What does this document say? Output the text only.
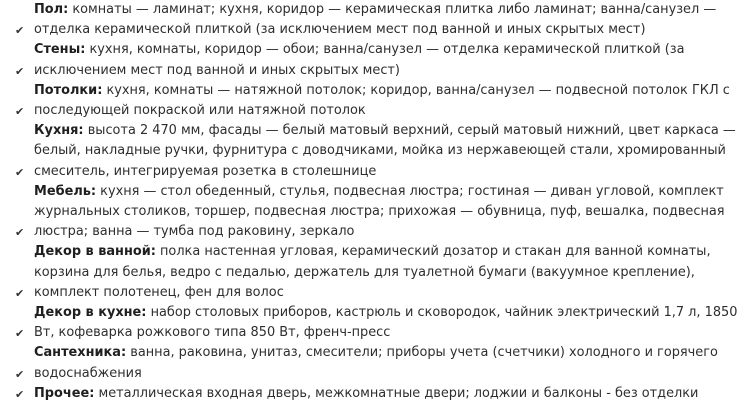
✔
Пол: комнаты — ламинат; кухня, коридор — керамическая плитка либо ламинат; ванна/санузел — отделка керамической плиткой (за исключением мест под ванной и иных скрытых мест)
✔
Стены: кухня, комнаты, коридор — обои; ванна/санузел — отделка керамической плиткой (за исключением мест под ванной и иных скрытых мест)
✔
Потолки: кухня, комнаты — натяжной потолок; коридор, ванна/санузел — подвесной потолок ГКЛ с последующей покраской или натяжной потолок
✔
Кухня: высота 2 470 мм, фасады — белый матовый верхний, серый матовый нижний, цвет каркаса — белый, накладные ручки, фурнитура с доводчиками, мойка из нержавеющей стали, хромированный смеситель, интегрируемая розетка в столешнице
✔
Мебель: кухня — стол обеденный, стулья, подвесная люстра; гостиная — диван угловой, комплект журнальных столиков, торшер, подвесная люстра; прихожая — обувница, пуф, вешалка, подвесная люстра; ванна — тумба под раковину, зеркало
✔
Декор в ванной: полка настенная угловая, керамический дозатор и стакан для ванной комнаты, корзина для белья, ведро с педалью, держатель для туалетной бумаги (вакуумное крепление), комплект полотенец, фен для волос
✔
Декор в кухне: набор столовых приборов, кастрюль и сковородок, чайник электрический 1,7 л, 1850 Вт, кофеварка рожкового типа 850 Вт, френч-пресс
✔
Сантехника: ванна, раковина, унитаз, смесители; приборы учета (счетчики) холодного и горячего водоснабжения
✔ Прочее: металлическая входная дверь, межкомнатные двери; лоджии и балконы - без отделки
